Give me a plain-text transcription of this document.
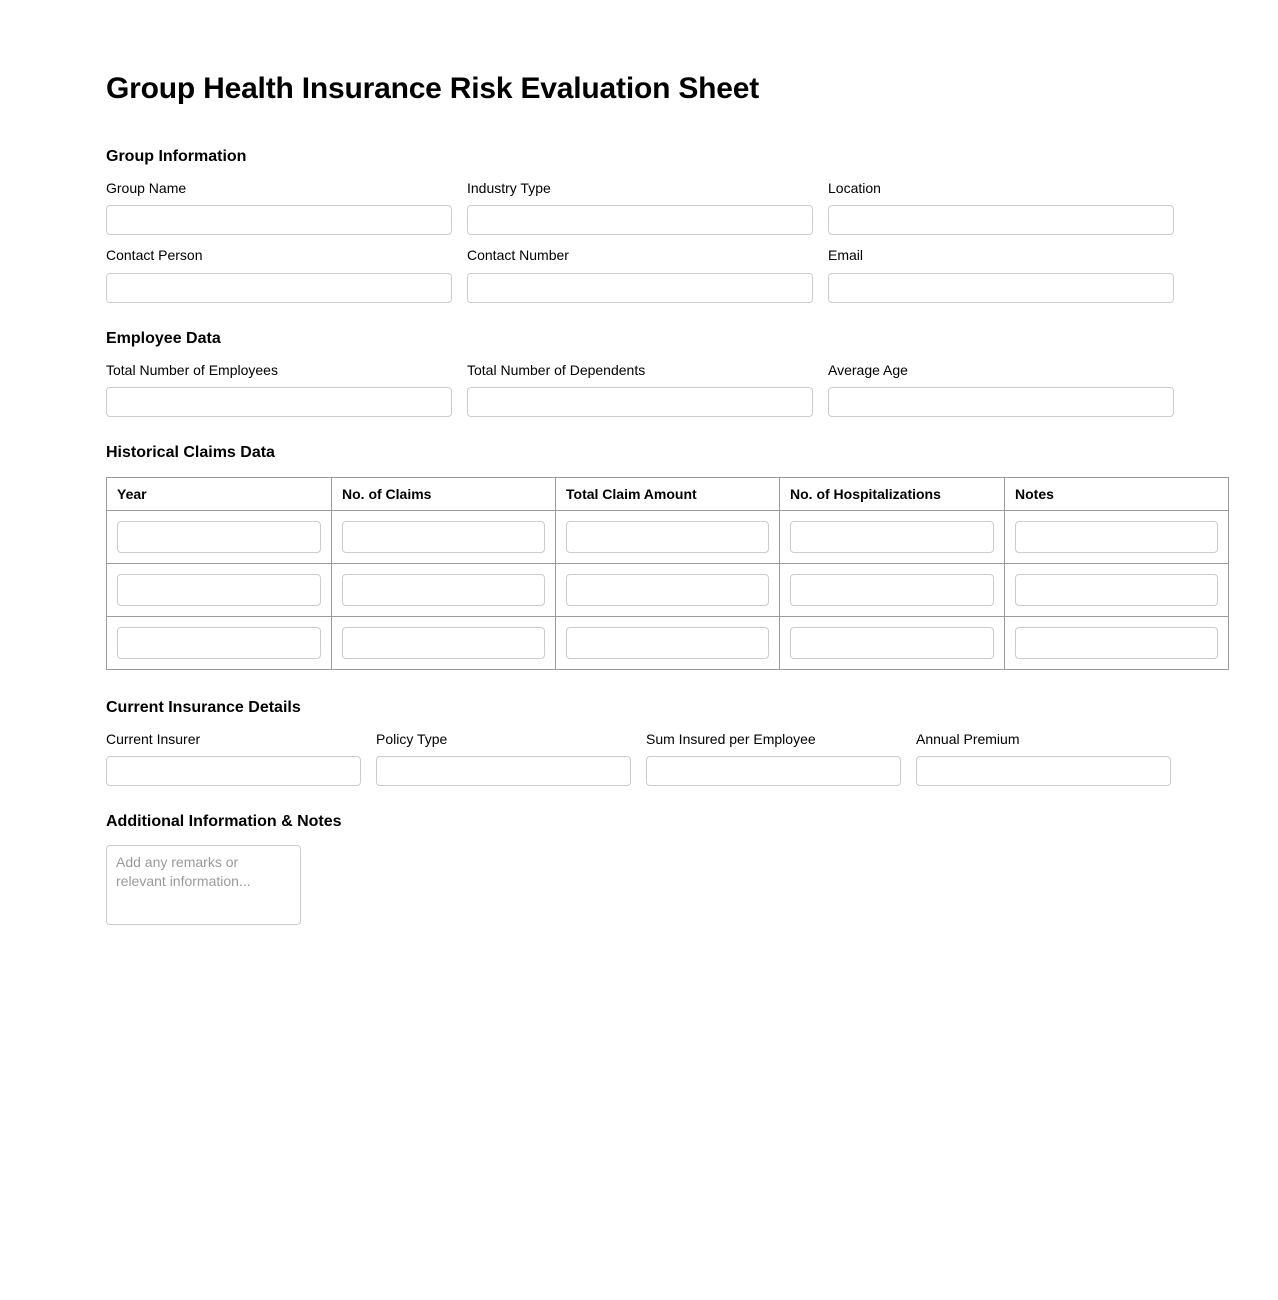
Group Health Insurance Risk Evaluation Sheet
Group Information
Group Name	Industry Type	Location
Contact Person	Contact Number	Email
Employee Data
Total Number of Employees	Total Number of Dependents	Average Age
Historical Claims Data
Year	No. of Claims	Total Claim Amount	No. of Hospitalizations	Notes

Current Insurance Details
Current Insurer	Policy Type	Sum Insured per Employee	Annual Premium
Additional Information & Notes
Add any remarks or relevant information...
